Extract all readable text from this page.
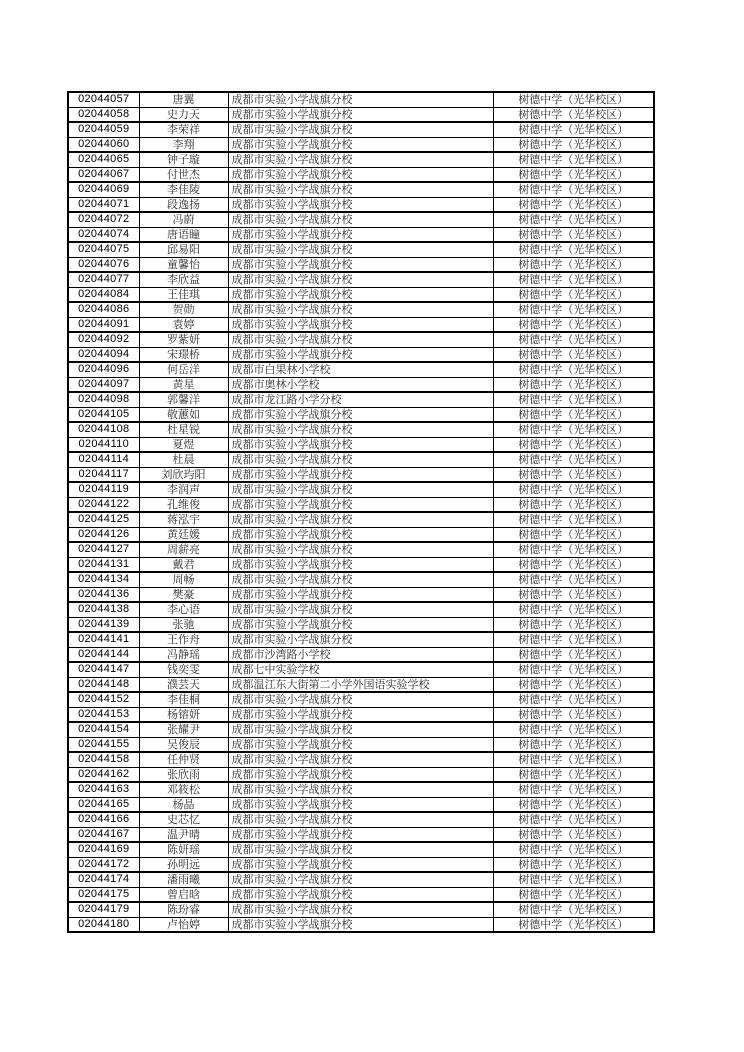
02044057	唐翼	成都市实验小学战旗分校	树德中学（光华校区）
02044058	史力天	成都市实验小学战旗分校	树德中学（光华校区）
02044059	李荣祥	成都市实验小学战旗分校	树德中学（光华校区）
02044060	李翔	成都市实验小学战旗分校	树德中学（光华校区）
02044065	钟子璇	成都市实验小学战旗分校	树德中学（光华校区）
02044067	付世杰	成都市实验小学战旗分校	树德中学（光华校区）
02044069	李佳陵	成都市实验小学战旗分校	树德中学（光华校区）
02044071	段逸扬	成都市实验小学战旗分校	树德中学（光华校区）
02044072	冯蔚	成都市实验小学战旗分校	树德中学（光华校区）
02044074	唐语瞳	成都市实验小学战旗分校	树德中学（光华校区）
02044075	邱易阳	成都市实验小学战旗分校	树德中学（光华校区）
02044076	童馨怡	成都市实验小学战旗分校	树德中学（光华校区）
02044077	李欣益	成都市实验小学战旗分校	树德中学（光华校区）
02044084	王佳琪	成都市实验小学战旗分校	树德中学（光华校区）
02044086	贺勋	成都市实验小学战旗分校	树德中学（光华校区）
02044091	袁婷	成都市实验小学战旗分校	树德中学（光华校区）
02044092	罗紫妍	成都市实验小学战旗分校	树德中学（光华校区）
02044094	宋璟桥	成都市实验小学战旗分校	树德中学（光华校区）
02044096	何岳洋	成都市白果林小学校	树德中学（光华校区）
02044097	黄星	成都市奥林小学校	树德中学（光华校区）
02044098	郭馨洋	成都市龙江路小学分校	树德中学（光华校区）
02044105	敬蕙如	成都市实验小学战旗分校	树德中学（光华校区）
02044108	杜星锐	成都市实验小学战旗分校	树德中学（光华校区）
02044110	夏煜	成都市实验小学战旗分校	树德中学（光华校区）
02044114	杜晨	成都市实验小学战旗分校	树德中学（光华校区）
02044117	刘欣玙阳	成都市实验小学战旗分校	树德中学（光华校区）
02044119	李润声	成都市实验小学战旗分校	树德中学（光华校区）
02044122	孔维俊	成都市实验小学战旗分校	树德中学（光华校区）
02044125	蒋泓宇	成都市实验小学战旗分校	树德中学（光华校区）
02044126	黄廷媛	成都市实验小学战旗分校	树德中学（光华校区）
02044127	周薪亮	成都市实验小学战旗分校	树德中学（光华校区）
02044131	戴君	成都市实验小学战旗分校	树德中学（光华校区）
02044134	周畅	成都市实验小学战旗分校	树德中学（光华校区）
02044136	樊豪	成都市实验小学战旗分校	树德中学（光华校区）
02044138	李心语	成都市实验小学战旗分校	树德中学（光华校区）
02044139	张驰	成都市实验小学战旗分校	树德中学（光华校区）
02044141	王作舟	成都市实验小学战旗分校	树德中学（光华校区）
02044144	冯静瑶	成都市沙湾路小学校	树德中学（光华校区）
02044147	钱奕雯	成都七中实验学校	树德中学（光华校区）
02044148	濮芸天	成都温江东大街第二小学外国语实验学校	树德中学（光华校区）
02044152	李佳桐	成都市实验小学战旗分校	树德中学（光华校区）
02044153	杨镕妍	成都市实验小学战旗分校	树德中学（光华校区）
02044154	张耀尹	成都市实验小学战旗分校	树德中学（光华校区）
02044155	吴俊辰	成都市实验小学战旗分校	树德中学（光华校区）
02044158	任仲贤	成都市实验小学战旗分校	树德中学（光华校区）
02044162	张欣雨	成都市实验小学战旗分校	树德中学（光华校区）
02044163	邓筱松	成都市实验小学战旗分校	树德中学（光华校区）
02044165	杨晶	成都市实验小学战旗分校	树德中学（光华校区）
02044166	史芯忆	成都市实验小学战旗分校	树德中学（光华校区）
02044167	温尹晴	成都市实验小学战旗分校	树德中学（光华校区）
02044169	陈妍瑶	成都市实验小学战旗分校	树德中学（光华校区）
02044172	孙明远	成都市实验小学战旗分校	树德中学（光华校区）
02044174	潘雨曦	成都市实验小学战旗分校	树德中学（光华校区）
02044175	曾启晗	成都市实验小学战旗分校	树德中学（光华校区）
02044179	陈玢睿	成都市实验小学战旗分校	树德中学（光华校区）
02044180	卢怡婷	成都市实验小学战旗分校	树德中学（光华校区）
